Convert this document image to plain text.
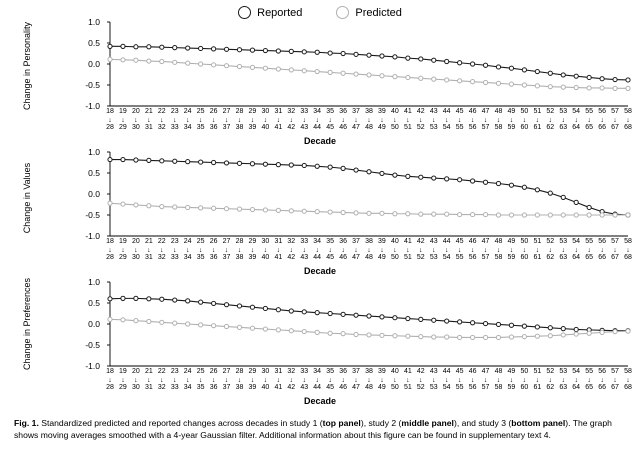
Reported	Predicted
Change in Personality	1.0
0.5
0.0
-0.5
-1.0
18
↓
28
19
↓
29
20
↓
30
21
↓
31
22
↓
32
23
↓
33
24
↓
34
25
↓
35
26
↓
36
27
↓
37
28
↓
38
29
↓
39
30
↓
40
31
↓
41
32
↓
42
33
↓
43
34
↓
44
35
↓
45
36
↓
46
37
↓
47
38
↓
48
39
↓
49
40
↓
50
41
↓
51
42
↓
52
43
↓
53
44
↓
54
45
↓
55
46
↓
56
47
↓
57
48
↓
58
49
↓
59
50
↓
60
51
↓
61
52
↓
62
53
↓
63
54
↓
64
55
↓
65
56
↓
66
57
↓
67
58
↓
68
Decade
Change in Values
1.0
0.5
0.0
-0.5
-1.0
18
↓
28
19
↓
29
20
↓
30
21
↓
31
22
↓
32
23
↓
33
24
↓
34
25
↓
35
26
↓
36
27
↓
37
28
↓
38
29
↓
39
30
↓
40
31
↓
41
32
↓
42
33
↓
43
34
↓
44
35
↓
45
36
↓
46
37
↓
47
38
↓
48
39
↓
49
40
↓
50
41
↓
51
42
↓
52
43
↓
53
44
↓
54
45
↓
55
46
↓
56
47
↓
57
48
↓
58
49
↓
59
50
↓
60
51
↓
61
52
↓
62
53
↓
63
54
↓
64
55
↓
65
56
↓
66
57
↓
67
58
↓
68
Decade
Change in Preferences	1.0
0.5
0.0
-0.5
-1.0
18
↓
28
19
↓
29
20
↓
30
21
↓
31
22
↓
32
23
↓
33
24
↓
34
25
↓
35
26
↓
36
27
↓
37
28
↓
38
29
↓
39
30
↓
40
31
↓
41
32
↓
42
33
↓
43
34
↓
44
35
↓
45
36
↓
46
37
↓
47
38
↓
48
39
↓
49
40
↓
50
41
↓
51
42
↓
52
43
↓
53
44
↓
54
45
↓
55
46
↓
56
47
↓
57
48
↓
58
49
↓
59
50
↓
60
51
↓
61
52
↓
62
53
↓
63
54
↓
64
55
↓
65
56
↓
66
57
↓
67
58
↓
68
Decade
Fig. 1. Standardized predicted and reported changes across decades in study 1 (top panel), study 2 (middle panel), and study 3 (bottom panel). The graph shows moving averages smoothed with a 4-year Gaussian filter. Additional information about this figure can be found in supplementary text 4.
